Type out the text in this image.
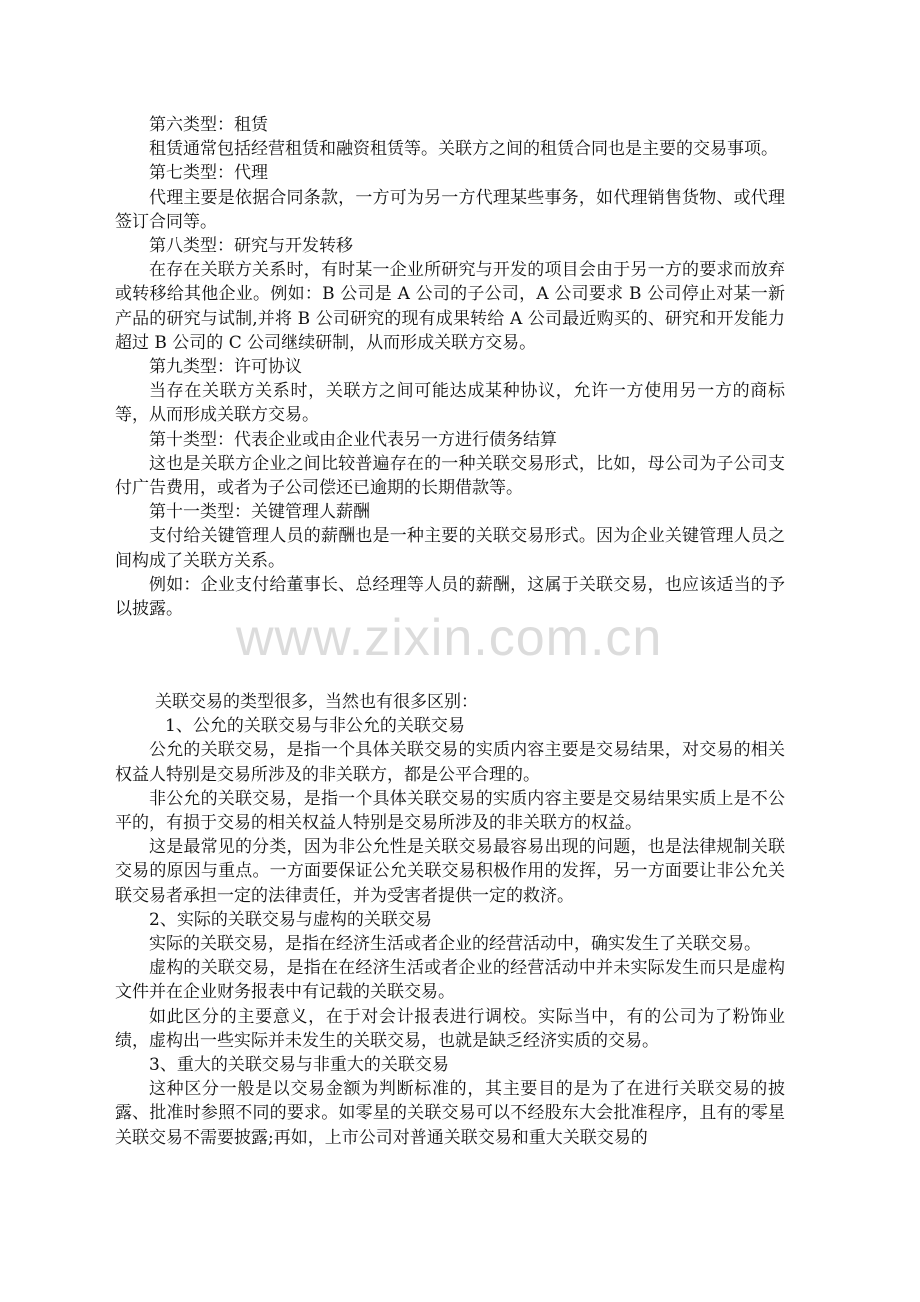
第六类型：租赁

租赁通常包括经营租赁和融资租赁等。关联方之间的租赁合同也是主要的交易事项。

第七类型：代理

代理主要是依据合同条款，一方可为另一方代理某些事务，如代理销售货物、或代理签订合同等。

第八类型：研究与开发转移

在存在关联方关系时，有时某一企业所研究与开发的项目会由于另一方的要求而放弃或转移给其他企业。例如：B 公司是 A 公司的子公司，A 公司要求 B 公司停止对某一新产品的研究与试制,并将 B 公司研究的现有成果转给 A 公司最近购买的、研究和开发能力超过 B 公司的 C 公司继续研制，从而形成关联方交易。

第九类型：许可协议

当存在关联方关系时，关联方之间可能达成某种协议，允许一方使用另一方的商标等，从而形成关联方交易。

第十类型：代表企业或由企业代表另一方进行债务结算

这也是关联方企业之间比较普遍存在的一种关联交易形式，比如，母公司为子公司支付广告费用，或者为子公司偿还已逾期的长期借款等。

第十一类型：关键管理人薪酬

支付给关键管理人员的薪酬也是一种主要的关联交易形式。因为企业关键管理人员之间构成了关联方关系。

例如：企业支付给董事长、总经理等人员的薪酬，这属于关联交易，也应该适当的予以披露。	www.zixin.com.cn

关联交易的类型很多，当然也有很多区别：

1、公允的关联交易与非公允的关联交易

公允的关联交易，是指一个具体关联交易的实质内容主要是交易结果，对交易的相关权益人特别是交易所涉及的非关联方，都是公平合理的。

非公允的关联交易，是指一个具体关联交易的实质内容主要是交易结果实质上是不公平的，有损于交易的相关权益人特别是交易所涉及的非关联方的权益。

这是最常见的分类，因为非公允性是关联交易最容易出现的问题，也是法律规制关联交易的原因与重点。一方面要保证公允关联交易积极作用的发挥，另一方面要让非公允关联交易者承担一定的法律责任，并为受害者提供一定的救济。

2、实际的关联交易与虚构的关联交易

实际的关联交易，是指在经济生活或者企业的经营活动中，确实发生了关联交易。

虚构的关联交易，是指在在经济生活或者企业的经营活动中并未实际发生而只是虚构文件并在企业财务报表中有记载的关联交易。

如此区分的主要意义，在于对会计报表进行调校。实际当中，有的公司为了粉饰业绩，虚构出一些实际并未发生的关联交易，也就是缺乏经济实质的交易。

3、重大的关联交易与非重大的关联交易

这种区分一般是以交易金额为判断标准的，其主要目的是为了在进行关联交易的披露、批准时参照不同的要求。如零星的关联交易可以不经股东大会批准程序，且有的零星关联交易不需要披露;再如，上市公司对普通关联交易和重大关联交易的
